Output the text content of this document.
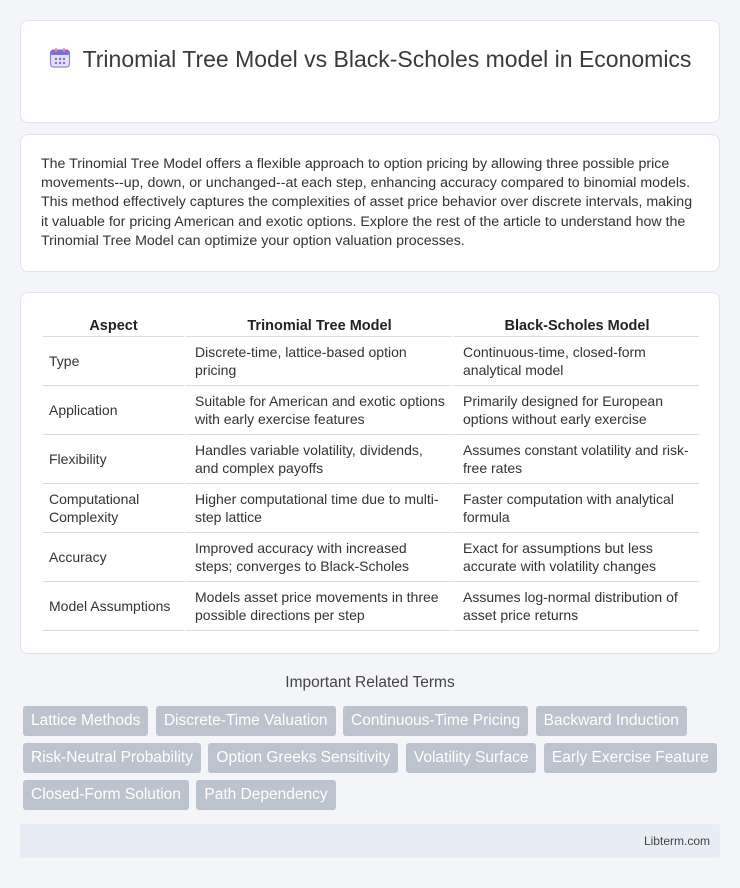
Trinomial Tree Model vs Black-Scholes model in Economics

The Trinomial Tree Model offers a flexible approach to option pricing by allowing three possible price movements--up, down, or unchanged--at each step, enhancing accuracy compared to binomial models. This method effectively captures the complexities of asset price behavior over discrete intervals, making it valuable for pricing American and exotic options. Explore the rest of the article to understand how the Trinomial Tree Model can optimize your option valuation processes.

Aspect	Trinomial Tree Model	Black-Scholes Model
Type	Discrete-time, lattice-based option pricing	Continuous-time, closed-form analytical model
Application	Suitable for American and exotic options with early exercise features	Primarily designed for European options without early exercise
Flexibility	Handles variable volatility, dividends, and complex payoffs	Assumes constant volatility and risk-free rates
Computational Complexity	Higher computational time due to multi-step lattice	Faster computation with analytical formula
Accuracy	Improved accuracy with increased steps; converges to Black-Scholes	Exact for assumptions but less accurate with volatility changes
Model Assumptions	Models asset price movements in three possible directions per step	Assumes log-normal distribution of asset price returns
Important Related Terms
Lattice Methods Discrete-Time Valuation Continuous-Time Pricing Backward Induction Risk-Neutral Probability Option Greeks Sensitivity Volatility Surface Early Exercise Feature Closed-Form Solution Path Dependency
Libterm.com
